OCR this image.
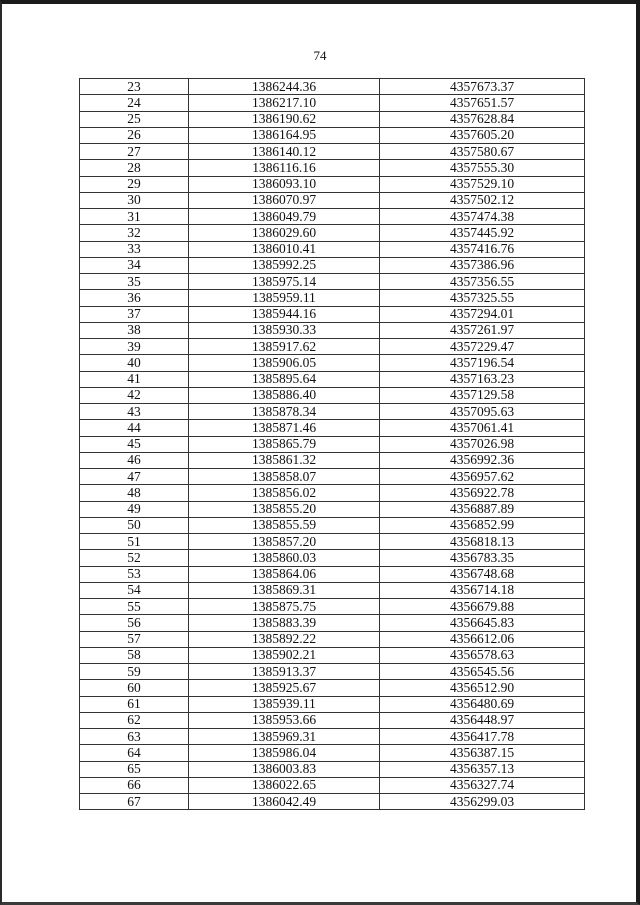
74
23	1386244.36	4357673.37
24	1386217.10	4357651.57
25	1386190.62	4357628.84
26	1386164.95	4357605.20
27	1386140.12	4357580.67
28	1386116.16	4357555.30
29	1386093.10	4357529.10
30	1386070.97	4357502.12
31	1386049.79	4357474.38
32	1386029.60	4357445.92
33	1386010.41	4357416.76
34	1385992.25	4357386.96
35	1385975.14	4357356.55
36	1385959.11	4357325.55
37	1385944.16	4357294.01
38	1385930.33	4357261.97
39	1385917.62	4357229.47
40	1385906.05	4357196.54
41	1385895.64	4357163.23
42	1385886.40	4357129.58
43	1385878.34	4357095.63
44	1385871.46	4357061.41
45	1385865.79	4357026.98
46	1385861.32	4356992.36
47	1385858.07	4356957.62
48	1385856.02	4356922.78
49	1385855.20	4356887.89
50	1385855.59	4356852.99
51	1385857.20	4356818.13
52	1385860.03	4356783.35
53	1385864.06	4356748.68
54	1385869.31	4356714.18
55	1385875.75	4356679.88
56	1385883.39	4356645.83
57	1385892.22	4356612.06
58	1385902.21	4356578.63
59	1385913.37	4356545.56
60	1385925.67	4356512.90
61	1385939.11	4356480.69
62	1385953.66	4356448.97
63	1385969.31	4356417.78
64	1385986.04	4356387.15
65	1386003.83	4356357.13
66	1386022.65	4356327.74
67	1386042.49	4356299.03
